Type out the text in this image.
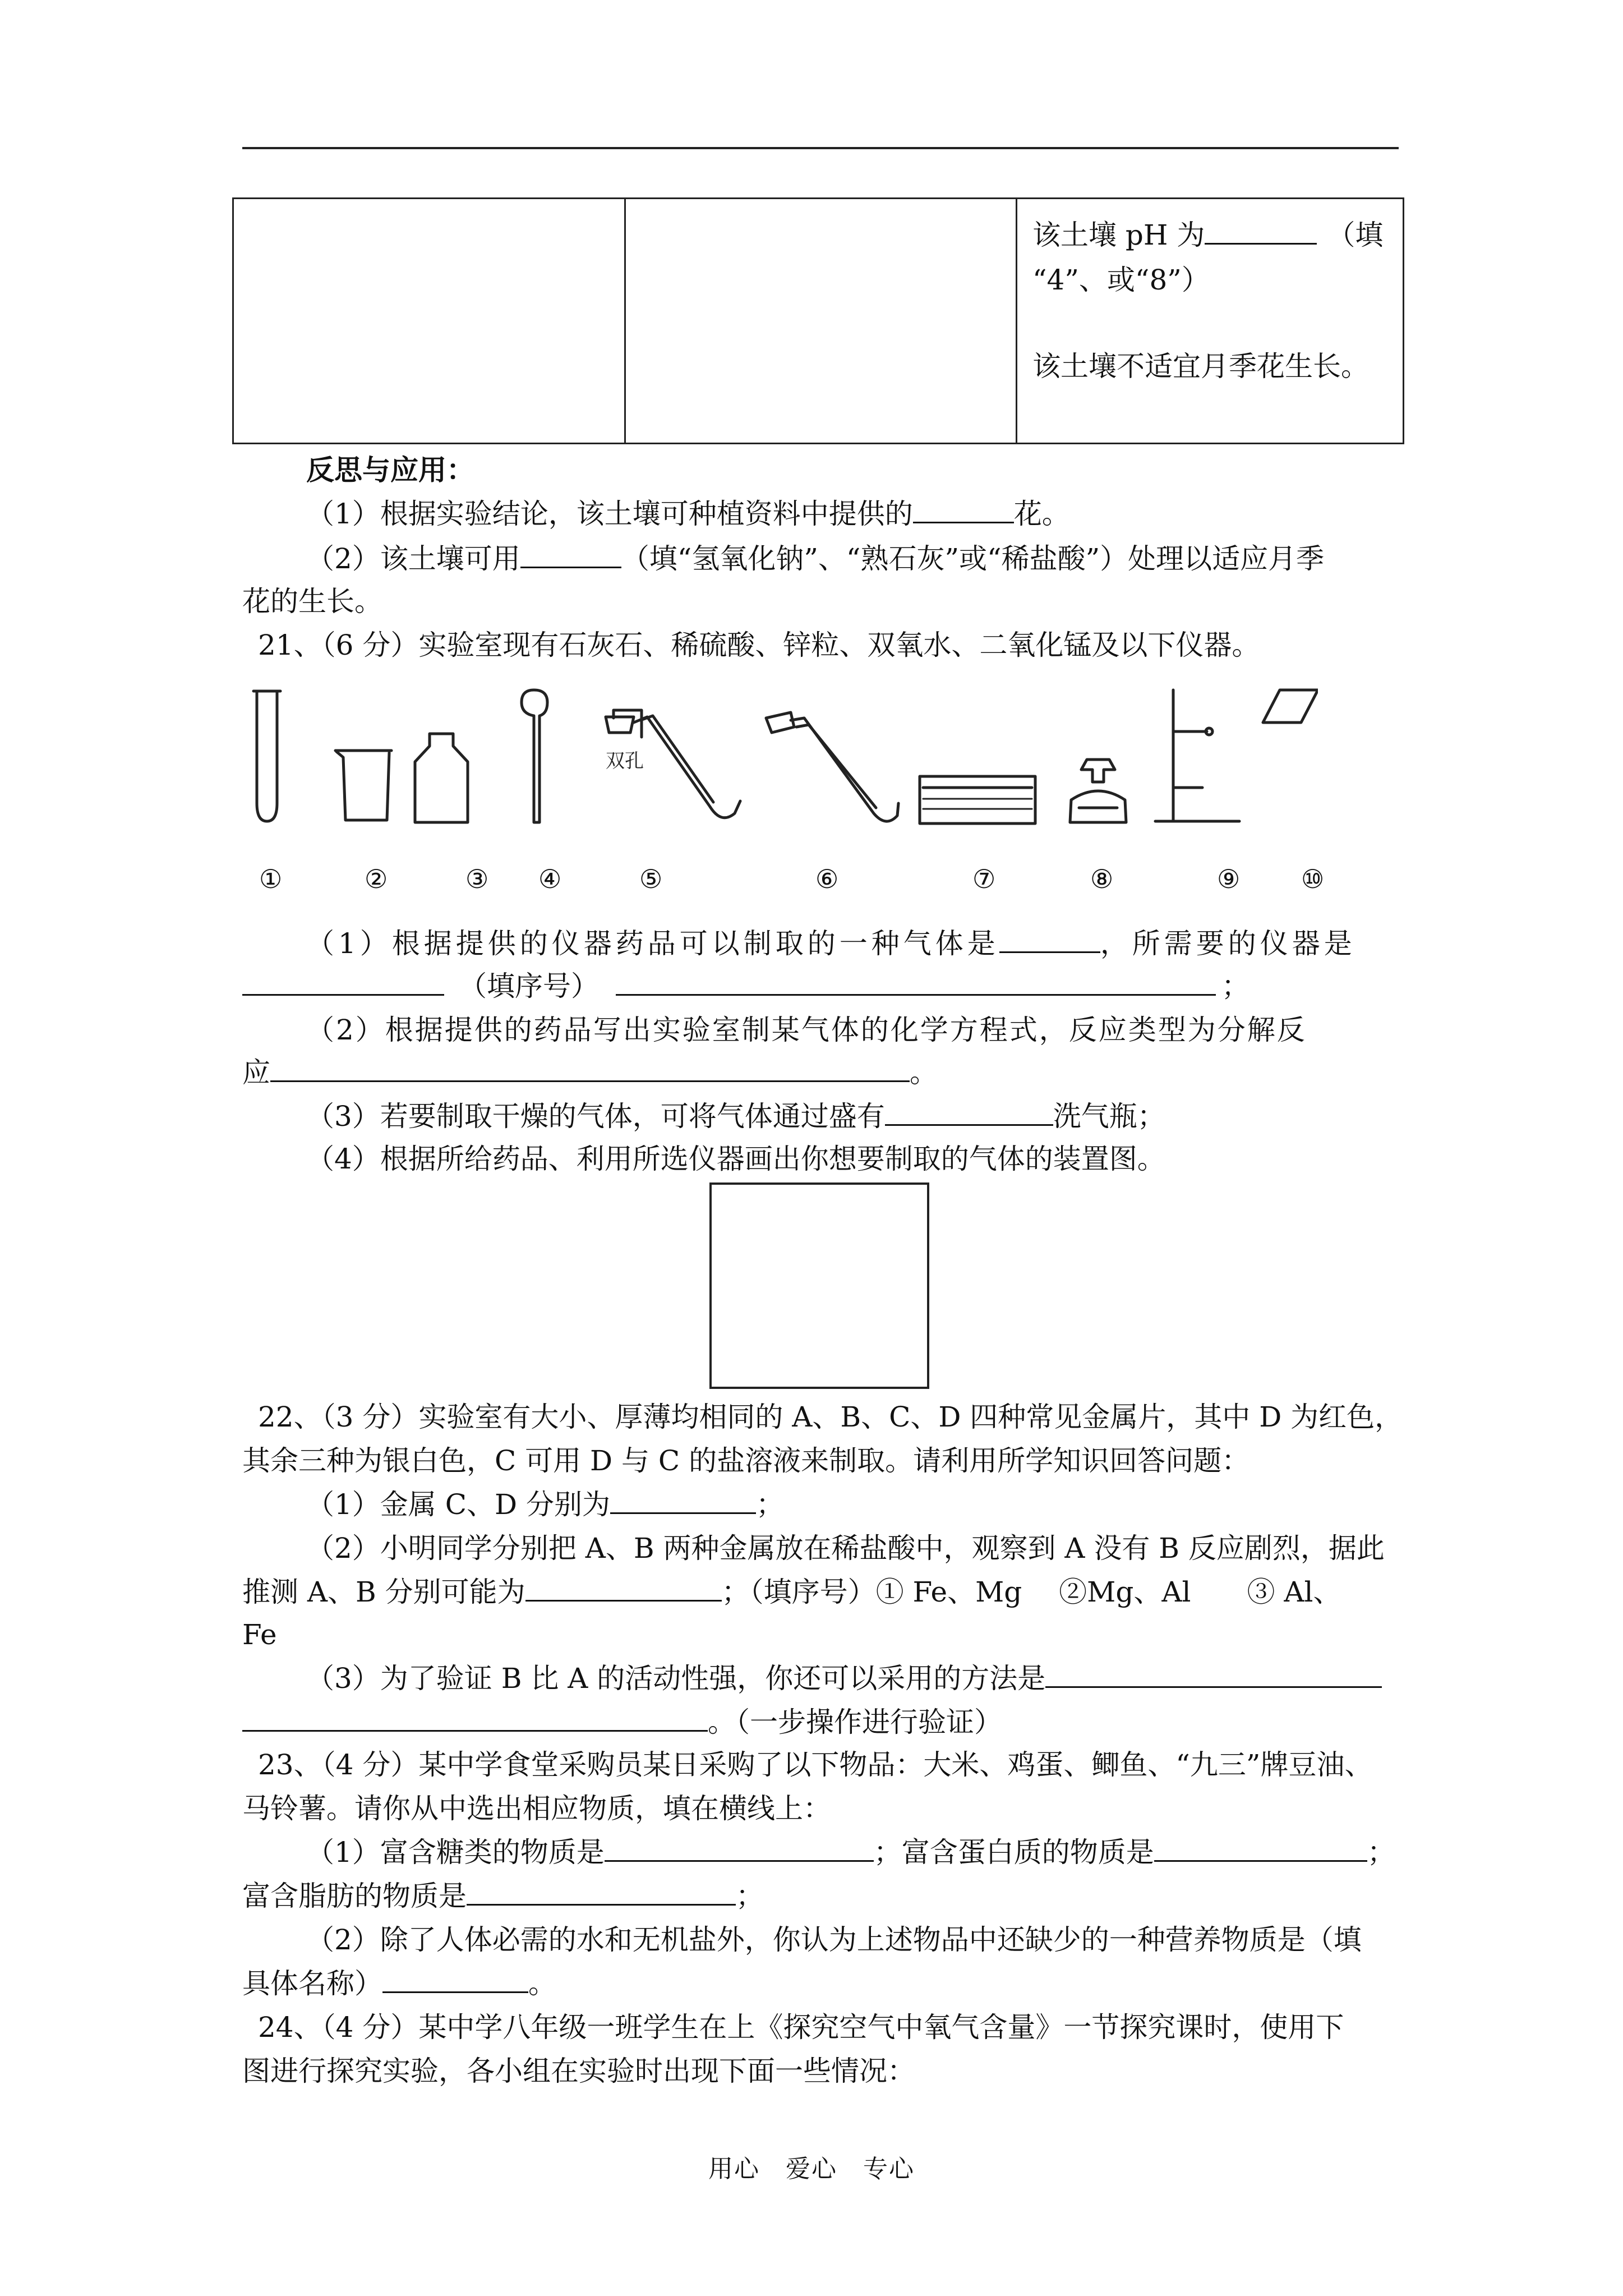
该土壤 pH 为	（填
“4”、或“8”）
该土壤不适宜月季花生长。
反思与应用：
（1）根据实验结论，该土壤可种植资料中提供的	花。
（2）该土壤可用	（填“氢氧化钠”、“熟石灰”或“稀盐酸”）处理以适应月季
花的生长。
21、（6 分）实验室现有石灰石、稀硫酸、锌粒、双氧水、二氧化锰及以下仪器。
双孔
①	②	③ ④	⑤	⑥	⑦	⑧	⑨ ⑩
（1）根据提供的仪器药品可以制取的一种气体是	，所需要的仪器是
（填序号）	；
（2）根据提供的药品写出实验室制某气体的化学方程式，反应类型为分解反
应	。
（3）若要制取干燥的气体，可将气体通过盛有	洗气瓶；
（4）根据所给药品、利用所选仪器画出你想要制取的气体的装置图。
22、（3 分）实验室有大小、厚薄均相同的 A、B、C、D 四种常见金属片，其中 D 为红色，
其余三种为银白色，C 可用 D 与 C 的盐溶液来制取。请利用所学知识回答问题：
（1）金属 C、D 分别为	；
（2）小明同学分别把 A、B 两种金属放在稀盐酸中，观察到 A 没有 B 反应剧烈，据此
推测 A、B 分别可能为	；（填序号）① Fe、Mg　 ②Mg、Al　　③ Al、
Fe
（3）为了验证 B 比 A 的活动性强，你还可以采用的方法是
。（一步操作进行验证）
23、（4 分）某中学食堂采购员某日采购了以下物品：大米、鸡蛋、鲫鱼、“九三”牌豆油、
马铃薯。请你从中选出相应物质，填在横线上：
（1）富含糖类的物质是	；富含蛋白质的物质是	；
富含脂肪的物质是	；
（2）除了人体必需的水和无机盐外，你认为上述物品中还缺少的一种营养物质是（填
具体名称）	。
24、（4 分）某中学八年级一班学生在上《探究空气中氧气含量》一节探究课时，使用下
图进行探究实验，各小组在实验时出现下面一些情况：
用心　爱心　专心
